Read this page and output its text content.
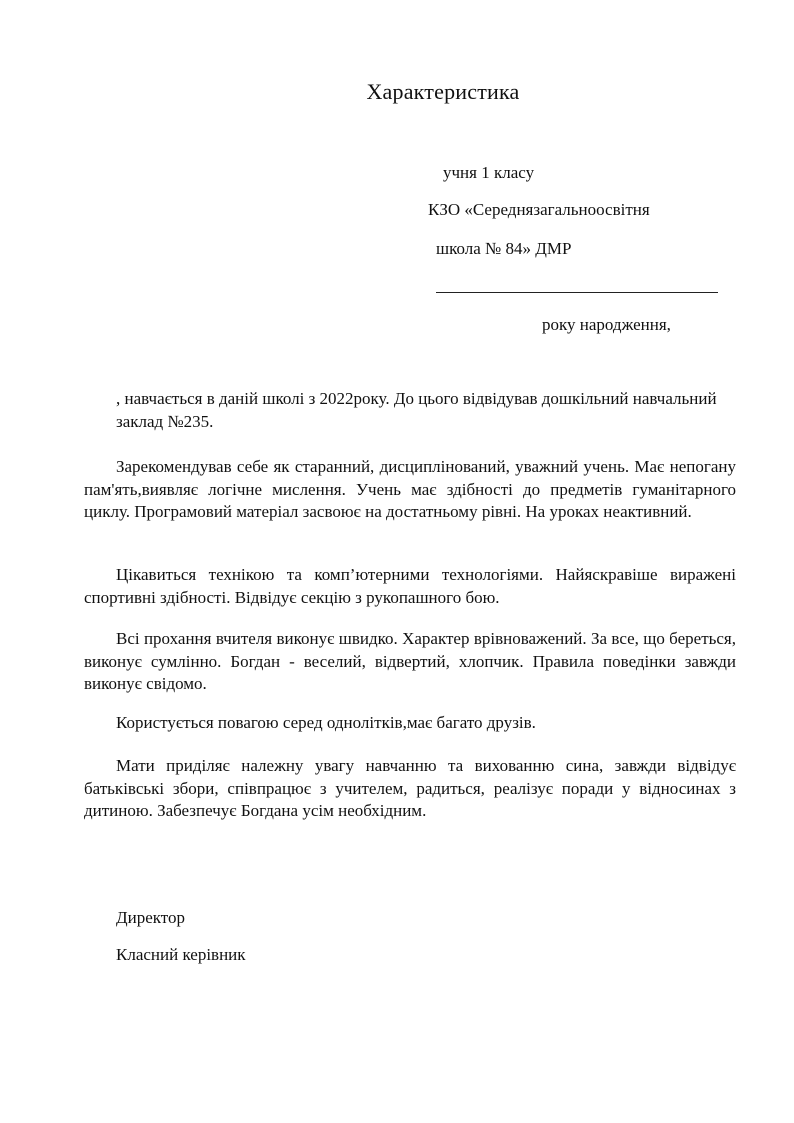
Характеристика
учня 1 класу
КЗО «Середнязагальноосвітня
школа № 84» ДМР
року народження,
, навчається в даній школі з 2022року. До цього відвідував дошкільний навчальний заклад №235.

Зарекомендував себе як старанний, дисциплінований, уважний учень. Має непогану пам'ять,виявляє логічне мислення. Учень має здібності до предметів гуманітарного циклу. Програмовий матеріал засвоює на достатньому рівні. На уроках неактивний.

Цікавиться технікою та комп’ютерними технологіями. Найяскравіше виражені спортивні здібності. Відвідує секцію з рукопашного бою.

Всі прохання вчителя виконує швидко. Характер врівноважений. За все, що береться, виконує сумлінно. Богдан - веселий, відвертий, хлопчик. Правила поведінки завжди виконує свідомо.

Користується повагою серед однолітків,має багато друзів.

Мати приділяє належну увагу навчанню та вихованню сина, завжди відвідує батьківські збори, співпрацює з учителем, радиться, реалізує поради у відносинах з дитиною. Забезпечує Богдана усім необхідним.

Директор
Класний керівник
